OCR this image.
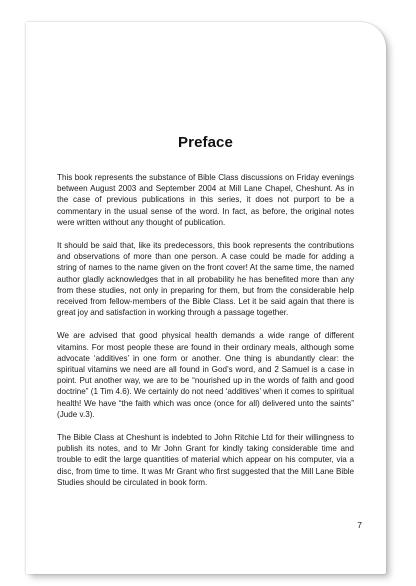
Preface

This book represents the substance of Bible Class discussions on Friday evenings between August 2003 and September 2004 at Mill Lane Chapel, Cheshunt. As in the case of previous publications in this series, it does not purport to be a commentary in the usual sense of the word. In fact, as before, the original notes were written without any thought of publication.

It should be said that, like its predecessors, this book represents the contributions and observations of more than one person. A case could be made for adding a string of names to the name given on the front cover! At the same time, the named author gladly acknowledges that in all probability he has benefited more than any from these studies, not only in preparing for them, but from the considerable help received from fellow-members of the Bible Class. Let it be said again that there is great joy and satisfaction in working through a passage together.

We are advised that good physical health demands a wide range of different vitamins. For most people these are found in their ordinary meals, although some advocate ‘additives’ in one form or another. One thing is abundantly clear: the spiritual vitamins we need are all found in God’s word, and 2 Samuel is a case in point. Put another way, we are to be “nourished up in the words of faith and good doctrine” (1 Tim 4.6). We certainly do not need ‘additives’ when it comes to spiritual health! We have “the faith which was once (once for all) delivered unto the saints” (Jude v.3).

The Bible Class at Cheshunt is indebted to John Ritchie Ltd for their willingness to publish its notes, and to Mr John Grant for kindly taking considerable time and trouble to edit the large quantities of material which appear on his computer, via a disc, from time to time. It was Mr Grant who first suggested that the Mill Lane Bible Studies should be circulated in book form.

7
